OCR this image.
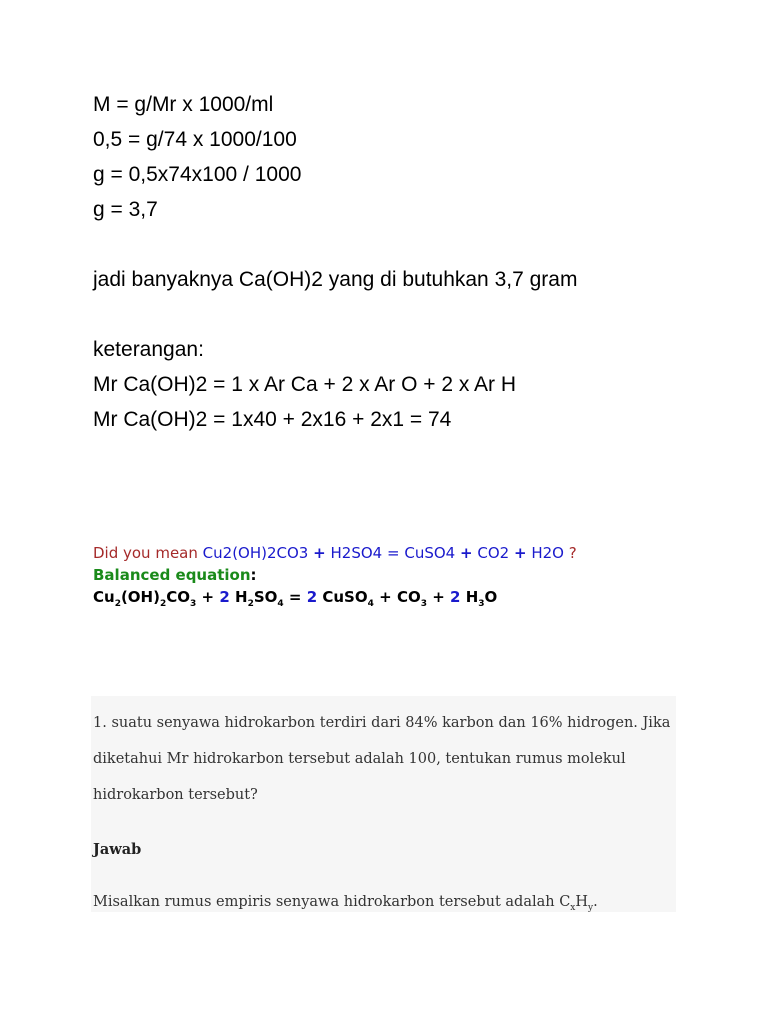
M = g/Mr x 1000/ml
0,5 = g/74 x 1000/100
g = 0,5x74x100 / 1000
g = 3,7
jadi banyaknya Ca(OH)2 yang di butuhkan 3,7 gram
keterangan:
Mr Ca(OH)2 = 1 x Ar Ca + 2 x Ar O + 2 x Ar H
Mr Ca(OH)2 = 1x40 + 2x16 + 2x1 = 74
Did you mean Cu2(OH)2CO3 + H2SO4 = CuSO4 + CO2 + H2O ?
Balanced equation:
$Cu_2(OH)_2CO_3 + 2$ $H_2SO_4 = 2$ CuSO$_4$ + $CO_3 + 2$ $H_3O$
1. suatu senyawa hidrokarbon terdiri dari 84% karbon dan 16% hidrogen. Jika
diketahui Mr hidrokarbon tersebut adalah 100, tentukan rumus molekul
hidrokarbon tersebut?
Jawab
Misalkan rumus empiris senyawa hidrokarbon tersebut adalah $C_xH_y$.
